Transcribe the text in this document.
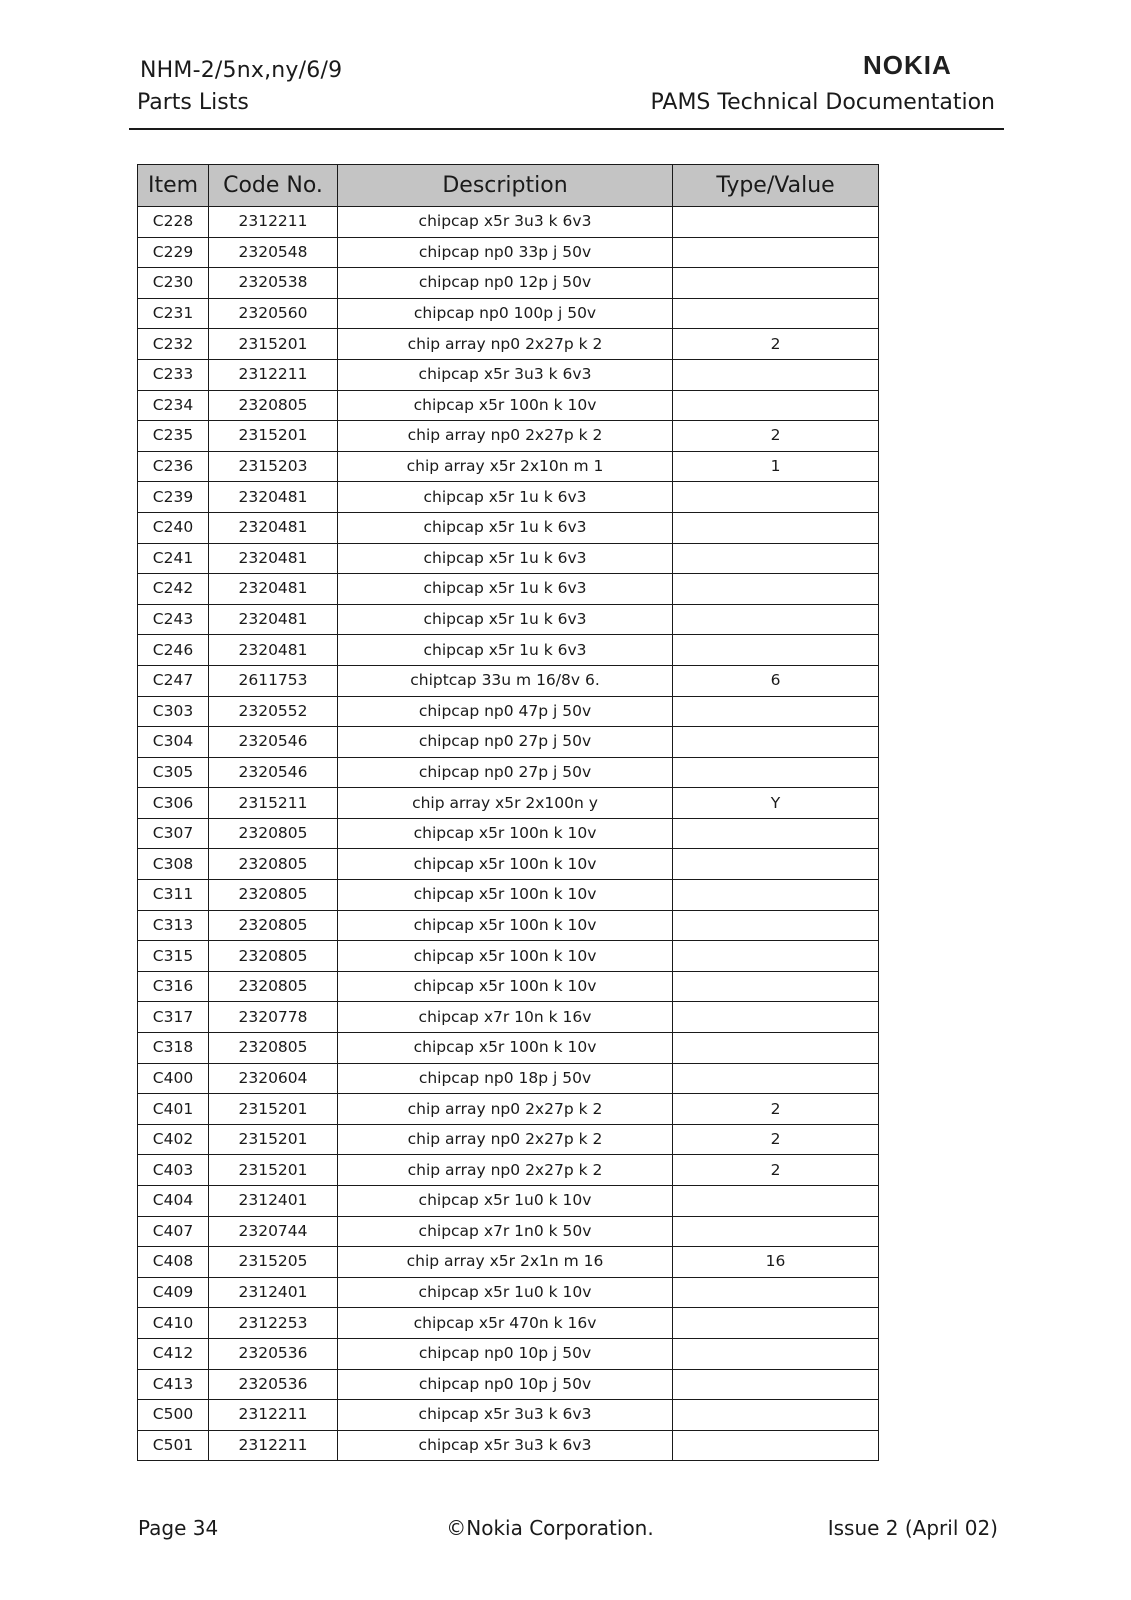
NHM-2/5nx,ny/6/9
Parts Lists
NOKIA
PAMS Technical Documentation
Item	Code No.	Description	Type/Value
C228	2312211	chipcap x5r 3u3 k 6v3	
C229	2320548	chipcap np0 33p j 50v	
C230	2320538	chipcap np0 12p j 50v	
C231	2320560	chipcap np0 100p j 50v	
C232	2315201	chip array np0 2x27p k 2	2
C233	2312211	chipcap x5r 3u3 k 6v3	
C234	2320805	chipcap x5r 100n k 10v	
C235	2315201	chip array np0 2x27p k 2	2
C236	2315203	chip array x5r 2x10n m 1	1
C239	2320481	chipcap x5r 1u k 6v3	
C240	2320481	chipcap x5r 1u k 6v3	
C241	2320481	chipcap x5r 1u k 6v3	
C242	2320481	chipcap x5r 1u k 6v3	
C243	2320481	chipcap x5r 1u k 6v3	
C246	2320481	chipcap x5r 1u k 6v3	
C247	2611753	chiptcap 33u m 16/8v 6.	6
C303	2320552	chipcap np0 47p j 50v	
C304	2320546	chipcap np0 27p j 50v	
C305	2320546	chipcap np0 27p j 50v	
C306	2315211	chip array x5r 2x100n y	Y
C307	2320805	chipcap x5r 100n k 10v	
C308	2320805	chipcap x5r 100n k 10v	
C311	2320805	chipcap x5r 100n k 10v	
C313	2320805	chipcap x5r 100n k 10v	
C315	2320805	chipcap x5r 100n k 10v	
C316	2320805	chipcap x5r 100n k 10v	
C317	2320778	chipcap x7r 10n k 16v	
C318	2320805	chipcap x5r 100n k 10v	
C400	2320604	chipcap np0 18p j 50v	
C401	2315201	chip array np0 2x27p k 2	2
C402	2315201	chip array np0 2x27p k 2	2
C403	2315201	chip array np0 2x27p k 2	2
C404	2312401	chipcap x5r 1u0 k 10v	
C407	2320744	chipcap x7r 1n0 k 50v	
C408	2315205	chip array x5r 2x1n m 16	16
C409	2312401	chipcap x5r 1u0 k 10v	
C410	2312253	chipcap x5r 470n k 16v	
C412	2320536	chipcap np0 10p j 50v	
C413	2320536	chipcap np0 10p j 50v	
C500	2312211	chipcap x5r 3u3 k 6v3	
C501	2312211	chipcap x5r 3u3 k 6v3	
Page 34	©Nokia Corporation.	Issue 2 (April 02)
